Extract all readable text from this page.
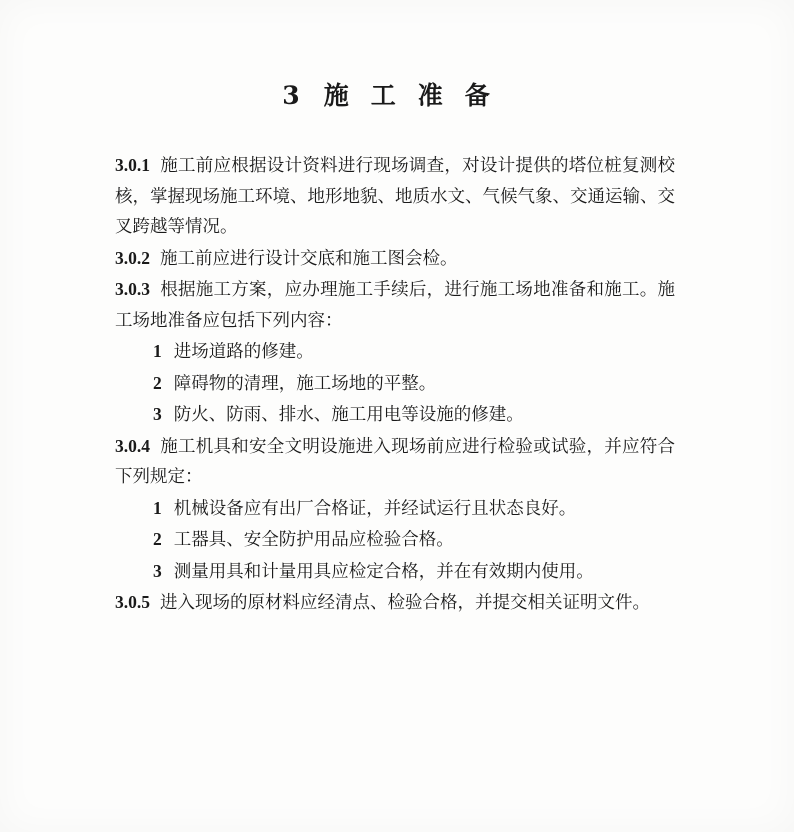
3 施工准备

3.0.1 施工前应根据设计资料进行现场调查，对设计提供的塔位桩复测校核，掌握现场施工环境、地形地貌、地质水文、气候气象、交通运输、交叉跨越等情况。

3.0.2 施工前应进行设计交底和施工图会检。

3.0.3 根据施工方案，应办理施工手续后，进行施工场地准备和施工。施工场地准备应包括下列内容：

1 进场道路的修建。

2 障碍物的清理，施工场地的平整。

3 防火、防雨、排水、施工用电等设施的修建。

3.0.4 施工机具和安全文明设施进入现场前应进行检验或试验，并应符合下列规定：

1 机械设备应有出厂合格证，并经试运行且状态良好。

2 工器具、安全防护用品应检验合格。

3 测量用具和计量用具应检定合格，并在有效期内使用。

3.0.5 进入现场的原材料应经清点、检验合格，并提交相关证明文件。
